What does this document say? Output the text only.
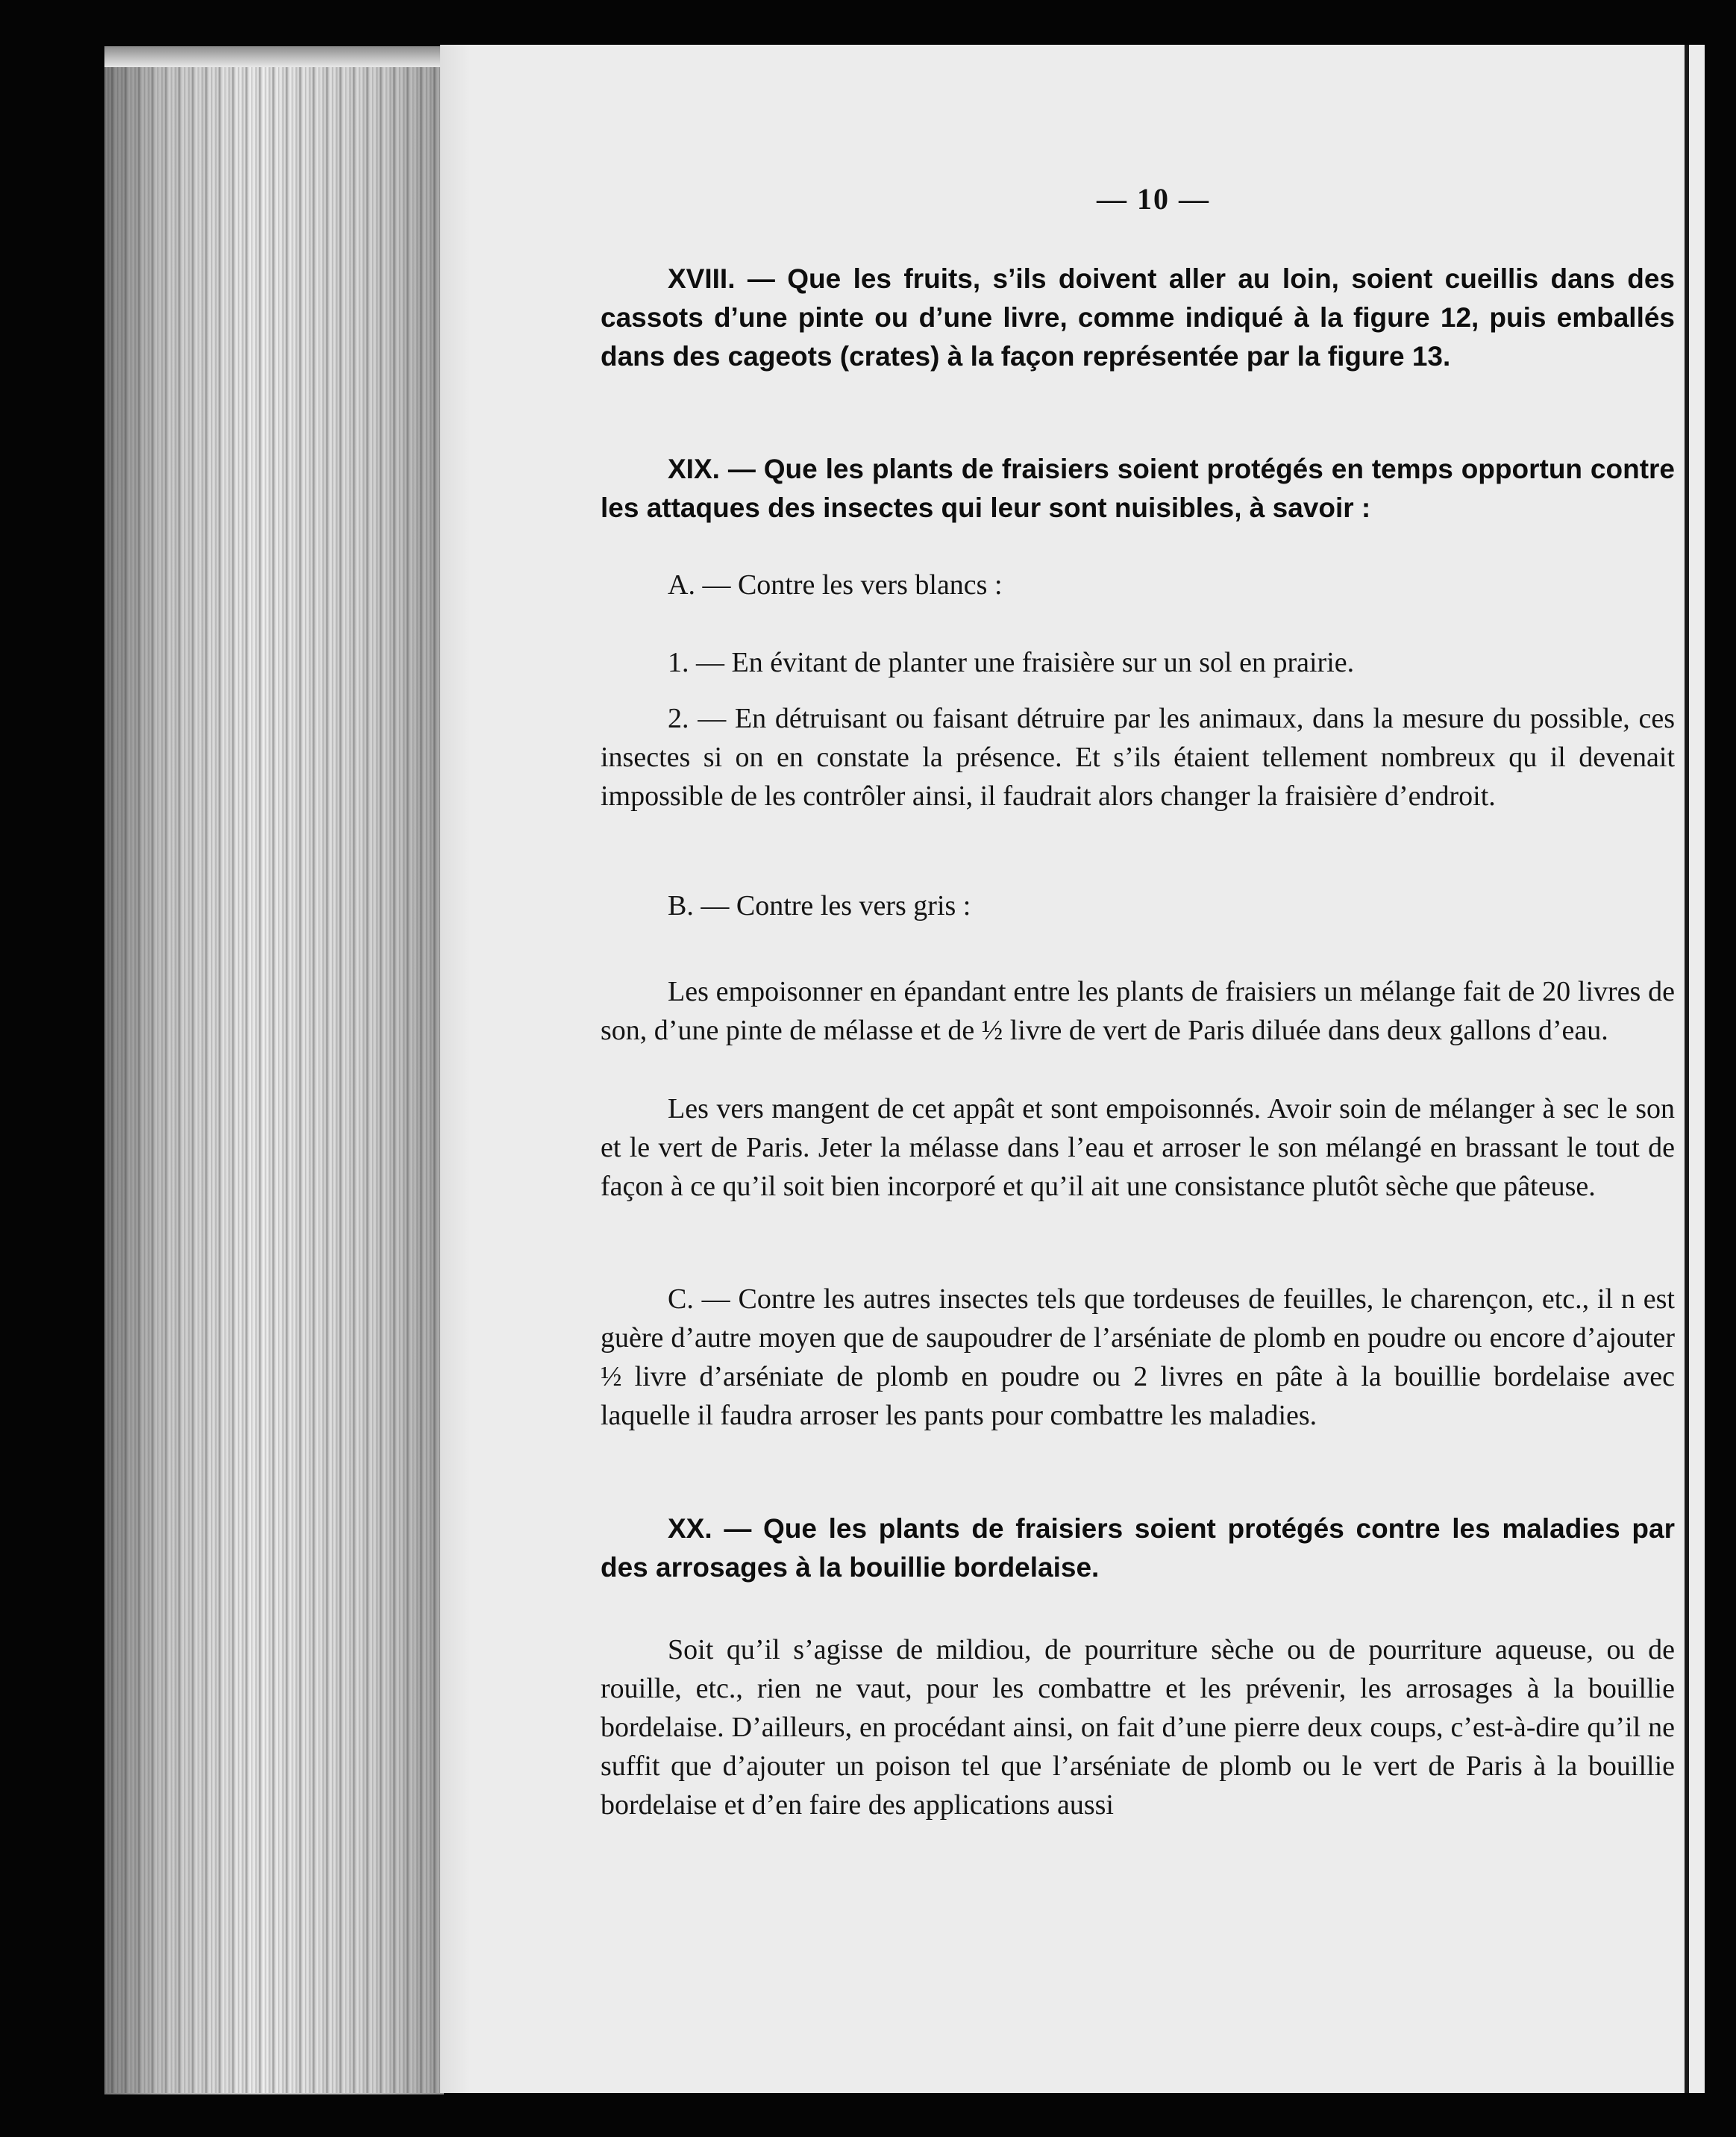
— 10 —

XVIII. — Que les fruits, s’ils doivent aller au loin, soient cueillis dans des cassots d’une pinte ou d’une livre, comme indiqué à la figure 12, puis emballés dans des cageots (crates) à la façon représentée par la figure 13.

XIX. — Que les plants de fraisiers soient protégés en temps opportun contre les attaques des insectes qui leur sont nuisibles, à savoir :

A. — Contre les vers blancs :

1. — En évitant de planter une fraisière sur un sol en prairie.

2. — En détruisant ou faisant détruire par les animaux, dans la mesure du possible, ces insectes si on en constate la présence. Et s’ils étaient tellement nombreux qu il devenait impossible de les contrôler ainsi, il faudrait alors changer la fraisière d’endroit.

B. — Contre les vers gris :

Les empoisonner en épandant entre les plants de fraisiers un mélange fait de 20 livres de son, d’une pinte de mélasse et de ½ livre de vert de Paris diluée dans deux gallons d’eau.

Les vers mangent de cet appât et sont empoisonnés. Avoir soin de mélanger à sec le son et le vert de Paris. Jeter la mélasse dans l’eau et arroser le son mélangé en brassant le tout de façon à ce qu’il soit bien incorporé et qu’il ait une consistance plutôt sèche que pâteuse.

C. — Contre les autres insectes tels que tordeuses de feuilles, le charençon, etc., il n est guère d’autre moyen que de saupoudrer de l’arséniate de plomb en poudre ou encore d’ajouter ½ livre d’arséniate de plomb en poudre ou 2 livres en pâte à la bouillie bordelaise avec laquelle il faudra arroser les pants pour combattre les maladies.

XX. — Que les plants de fraisiers soient protégés contre les maladies par des arrosages à la bouillie bordelaise.

Soit qu’il s’agisse de mildiou, de pourriture sèche ou de pourriture aqueuse, ou de rouille, etc., rien ne vaut, pour les combattre et les prévenir, les arrosages à la bouillie bordelaise. D’ailleurs, en procédant ainsi, on fait d’une pierre deux coups, c’est-à-dire qu’il ne suffit que d’ajouter un poison tel que l’arséniate de plomb ou le vert de Paris à la bouillie bordelaise et d’en faire des applications aussi
